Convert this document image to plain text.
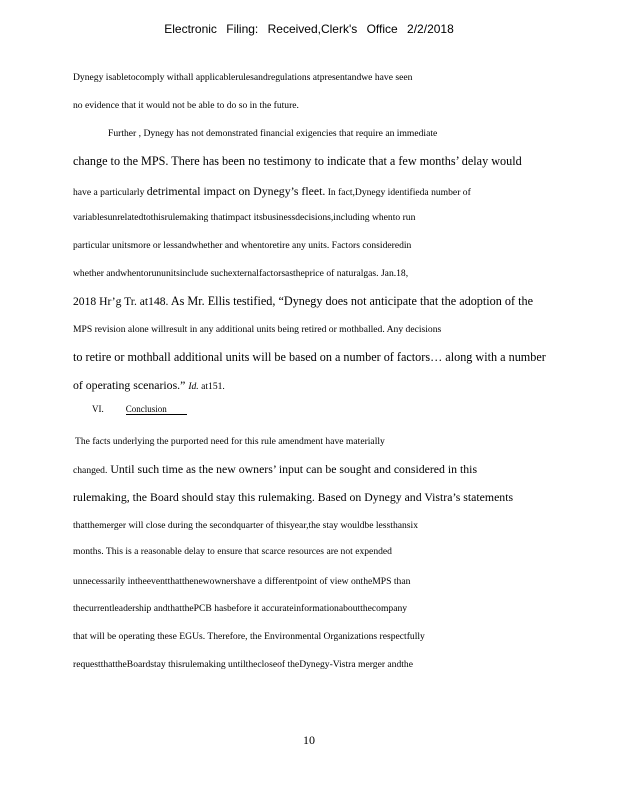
Electronic Filing: Received,Clerk's Office 2/2/2018
Dynegy isabletocomply withall applicablerulesandregulations atpresentandwe have seen
no evidence that it would not be able to do so in the future.
Further , Dynegy has not demonstrated financial exigencies that require an immediate
change to the MPS. There has been no testimony to indicate that a few months’ delay would
have a particularly detrimental impact on Dynegy’s fleet. In fact,Dynegy identifieda number of
variablesunrelatedtothisrulemaking thatimpact itsbusinessdecisions,including whento run
particular unitsmore or lessandwhether and whentoretire any units. Factors consideredin
whether andwhentorununitsinclude suchexternalfactorsastheprice of naturalgas. Jan.18,
2018 Hr’g Tr. at148. As Mr. Ellis testified, “Dynegy does not anticipate that the adoption of the
MPS revision alone willresult in any additional units being retired or mothballed. Any decisions
to retire or mothball additional units will be based on a number of factors… along with a number
of operating scenarios.” Id. at151.
VI. Conclusion
The facts underlying the purported need for this rule amendment have materially
changed. Until such time as the new owners’ input can be sought and considered in this
rulemaking, the Board should stay this rulemaking. Based on Dynegy and Vistra’s statements
thatthemerger will close during the secondquarter of thisyear,the stay wouldbe lessthansix
months. This is a reasonable delay to ensure that scarce resources are not expended
unnecessarily intheeventthatthenewownershave a differentpoint of view ontheMPS than
thecurrentleadership andthatthePCB hasbefore it accurateinformationaboutthecompany
that will be operating these EGUs. Therefore, the Environmental Organizations respectfully
requestthattheBoardstay thisrulemaking untilthecloseof theDynegy-Vistra merger andthe
10
